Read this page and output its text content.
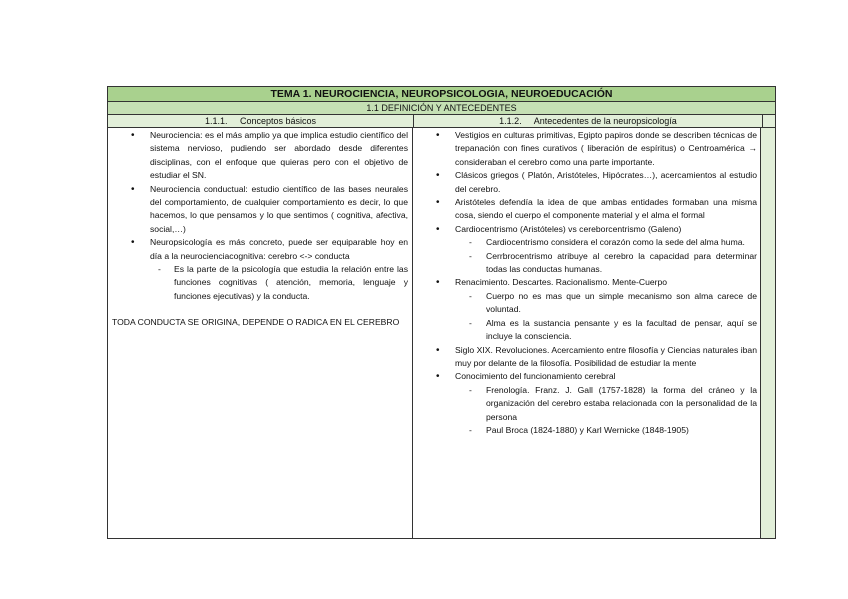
TEMA 1. NEUROCIENCIA, NEUROPSICOLOGIA, NEUROEDUCACIÓN
1.1 DEFINICIÓN Y ANTECEDENTES
1.1.1.     Conceptos básicos	1.1.2.     Antecedentes de la neuropsicología
• Neurociencia: es el más amplio ya que implica estudio científico del sistema nervioso, pudiendo ser abordado desde diferentes disciplinas, con el enfoque que quieras pero con el objetivo de estudiar el SN.
• Neurociencia conductual: estudio científico de las bases neurales del comportamiento, de cualquier comportamiento es decir, lo que hacemos, lo que pensamos y lo que sentimos ( cognitiva, afectiva, social,…)
• Neuropsicología es más concreto, puede ser equiparable hoy en día a la neurocienciacognitiva: cerebro <-> conducta
- Es la parte de la psicología que estudia la relación entre las funciones cognitivas ( atención, memoria, lenguaje y funciones ejecutivas) y la conducta.
TODA CONDUCTA SE ORIGINA, DEPENDE O RADICA EN EL CEREBRO
• Vestigios en culturas primitivas, Egipto papiros donde se describen técnicas de trepanación con fines curativos ( liberación de espíritus) o Centroamérica → consideraban el cerebro como una parte importante.
• Clásicos griegos ( Platón, Aristóteles, Hipócrates…), acercamientos al estudio del cerebro.
• Aristóteles defendía la idea de que ambas entidades formaban una misma cosa, siendo el cuerpo el componente material y el alma el formal
• Cardiocentrismo (Aristóteles) vs cereborcentrismo (Galeno)
- Cardiocentrismo considera el corazón como la sede del alma huma.
- Cerrbrocentrismo atribuye al cerebro la capacidad para determinar todas las conductas humanas.
• Renacimiento. Descartes. Racionalismo. Mente-Cuerpo
- Cuerpo no es mas que un simple mecanismo son alma carece de voluntad.
- Alma es la sustancia pensante y es la facultad de pensar, aquí se incluye la consciencia.
• Siglo XIX. Revoluciones. Acercamiento entre filosofía y Ciencias naturales iban muy por delante de la filosofía. Posibilidad de estudiar la mente
• Conocimiento del funcionamiento cerebral
- Frenología. Franz. J. Gall (1757-1828) la forma del cráneo y la organización del cerebro estaba relacionada con la personalidad de la persona
- Paul Broca (1824-1880) y Karl Wernicke (1848-1905)
